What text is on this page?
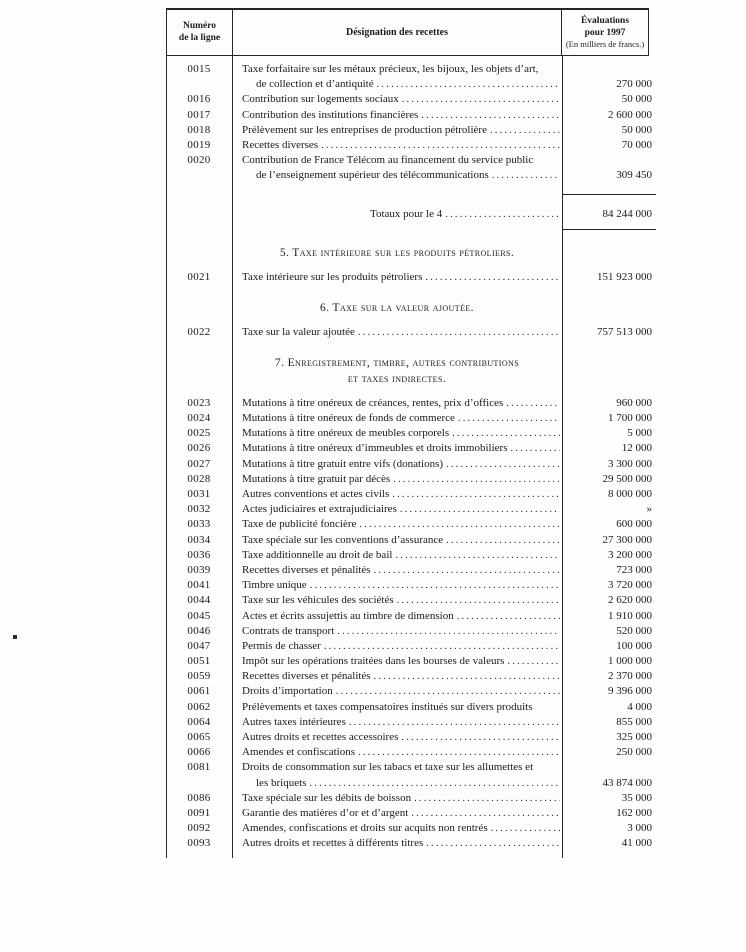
Numéro
de la ligne	Désignation des recettes
Évaluations
pour 1997
(En milliers de francs.)
0015	Taxe forfaitaire sur les métaux précieux, les bijoux, les objets d’art,
de collection et d’antiquité .....	270 000
0016	Contribution sur logements sociaux .....	50 000
0017	Contribution des institutions financières .....	2 600 000
0018	Prélèvement sur les entreprises de production pétrolière .....	50 000
0019	Recettes diverses .....	70 000
0020	Contribution de France Télécom au financement du service public
de l’enseignement supérieur des télécommunications .....	309 450
Totaux pour le 4 .....	84 244 000
5. Taxe intérieure sur les produits pétroliers.
0021	Taxe intérieure sur les produits pétroliers .....	151 923 000
6. Taxe sur la valeur ajoutée.
0022	Taxe sur la valeur ajoutée .....	757 513 000
7. Enregistrement, timbre, autres contributions
et taxes indirectes.
0023	Mutations à titre onéreux de créances, rentes, prix d’offices .....	960 000
0024	Mutations à titre onéreux de fonds de commerce .....	1 700 000
0025	Mutations à titre onéreux de meubles corporels .....	5 000
0026	Mutations à titre onéreux d’immeubles et droits immobiliers .....	12 000
0027	Mutations à titre gratuit entre vifs (donations) .....	3 300 000
0028	Mutations à titre gratuit par décès .....	29 500 000
0031	Autres conventions et actes civils .....	8 000 000
0032	Actes judiciaires et extrajudiciaires .....	»
0033	Taxe de publicité foncière .....	600 000
0034	Taxe spéciale sur les conventions d’assurance .....	27 300 000
0036	Taxe additionnelle au droit de bail .....	3 200 000
0039	Recettes diverses et pénalités .....	723 000
0041	Timbre unique .....	3 720 000
0044	Taxe sur les véhicules des sociétés .....	2 620 000
0045	Actes et écrits assujettis au timbre de dimension .....	1 910 000
0046	Contrats de transport .....	520 000
0047	Permis de chasser .....	100 000
0051	Impôt sur les opérations traitées dans les bourses de valeurs .....	1 000 000
0059	Recettes diverses et pénalités .....	2 370 000
0061	Droits d’importation .....	9 396 000
0062	Prélèvements et taxes compensatoires institués sur divers produits	4 000
0064	Autres taxes intérieures .....	855 000
0065	Autres droits et recettes accessoires .....	325 000
0066	Amendes et confiscations .....	250 000
0081	Droits de consommation sur les tabacs et taxe sur les allumettes et
les briquets .....	43 874 000
0086	Taxe spéciale sur les débits de boisson .....	35 000
0091	Garantie des matières d’or et d’argent .....	162 000
0092	Amendes, confiscations et droits sur acquits non rentrés .....	3 000
0093	Autres droits et recettes à différents titres .....	41 000
